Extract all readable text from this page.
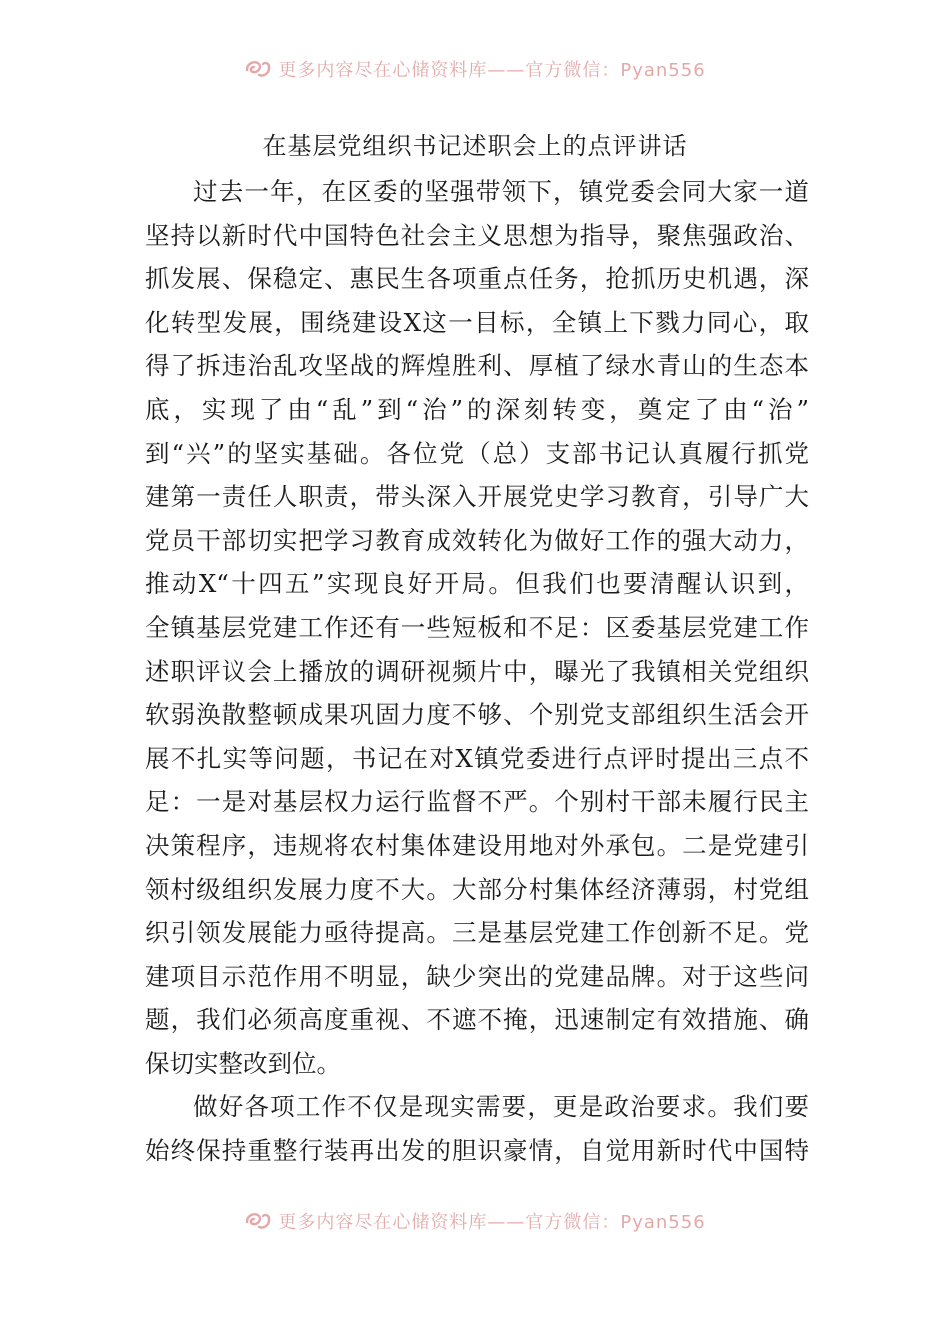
更多内容尽在心储资料库——官方微信：Pyan556
在基层党组织书记述职会上的点评讲话
过去一年，在区委的坚强带领下，镇党委会同大家一道
坚持以新时代中国特色社会主义思想为指导，聚焦强政治、
抓发展、保稳定、惠民生各项重点任务，抢抓历史机遇，深
化转型发展，围绕建设X这一目标，全镇上下戮力同心，取
得了拆违治乱攻坚战的辉煌胜利、厚植了绿水青山的生态本
底，实现了由“乱”到“治”的深刻转变，奠定了由“治”
到“兴”的坚实基础。各位党（总）支部书记认真履行抓党
建第一责任人职责，带头深入开展党史学习教育，引导广大
党员干部切实把学习教育成效转化为做好工作的强大动力，
推动X“十四五”实现良好开局。但我们也要清醒认识到，
全镇基层党建工作还有一些短板和不足：区委基层党建工作
述职评议会上播放的调研视频片中，曝光了我镇相关党组织
软弱涣散整顿成果巩固力度不够、个别党支部组织生活会开
展不扎实等问题，书记在对X镇党委进行点评时提出三点不
足：一是对基层权力运行监督不严。个别村干部未履行民主
决策程序，违规将农村集体建设用地对外承包。二是党建引
领村级组织发展力度不大。大部分村集体经济薄弱，村党组
织引领发展能力亟待提高。三是基层党建工作创新不足。党
建项目示范作用不明显，缺少突出的党建品牌。对于这些问
题，我们必须高度重视、不遮不掩，迅速制定有效措施、确
保切实整改到位。
做好各项工作不仅是现实需要，更是政治要求。我们要
始终保持重整行装再出发的胆识豪情，自觉用新时代中国特
更多内容尽在心储资料库——官方微信：Pyan556
